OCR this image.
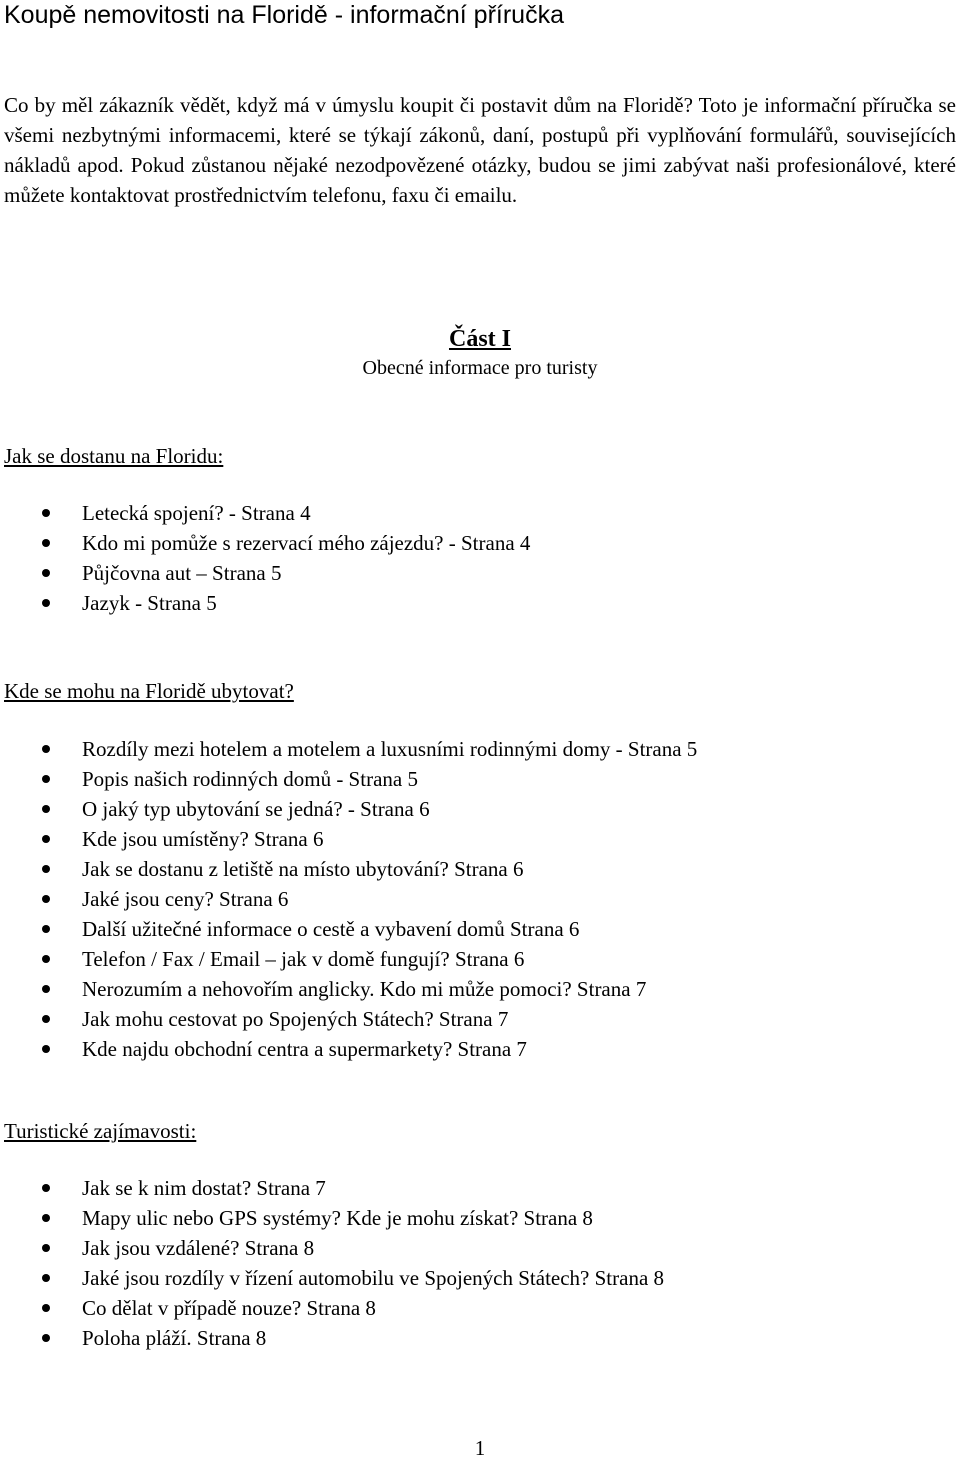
Koupě nemovitosti na Floridě - informační příručka

Co by měl zákazník vědět, když má v úmyslu koupit či postavit dům na Floridě? Toto je informační příručka se všemi nezbytnými informacemi, které se týkají zákonů, daní, postupů při vyplňování formulářů, souvisejících nákladů apod. Pokud zůstanou nějaké nezodpovězené otázky, budou se jimi zabývat naši profesionálové, které můžete kontaktovat prostřednictvím telefonu, faxu či emailu.

Část I
Obecné informace pro turisty
Jak se dostanu na Floridu:
Letecká spojení? - Strana 4
Kdo mi pomůže s rezervací mého zájezdu? - Strana 4
Půjčovna aut – Strana 5
Jazyk - Strana 5
Kde se mohu na Floridě ubytovat?
Rozdíly mezi hotelem a motelem a luxusními rodinnými domy - Strana 5
Popis našich rodinných domů - Strana 5
O jaký typ ubytování se jedná? - Strana 6
Kde jsou umístěny? Strana 6
Jak se dostanu z letiště na místo ubytování? Strana 6
Jaké jsou ceny? Strana 6
Další užitečné informace o cestě a vybavení domů Strana 6
Telefon / Fax / Email – jak v domě fungují? Strana 6
Nerozumím a nehovořím anglicky. Kdo mi může pomoci? Strana 7
Jak mohu cestovat po Spojených Státech? Strana 7
Kde najdu obchodní centra a supermarkety? Strana 7
Turistické zajímavosti:
Jak se k nim dostat? Strana 7
Mapy ulic nebo GPS systémy? Kde je mohu získat? Strana 8
Jak jsou vzdálené? Strana 8
Jaké jsou rozdíly v řízení automobilu ve Spojených Státech? Strana 8
Co dělat v případě nouze? Strana 8
Poloha pláží. Strana 8
1
